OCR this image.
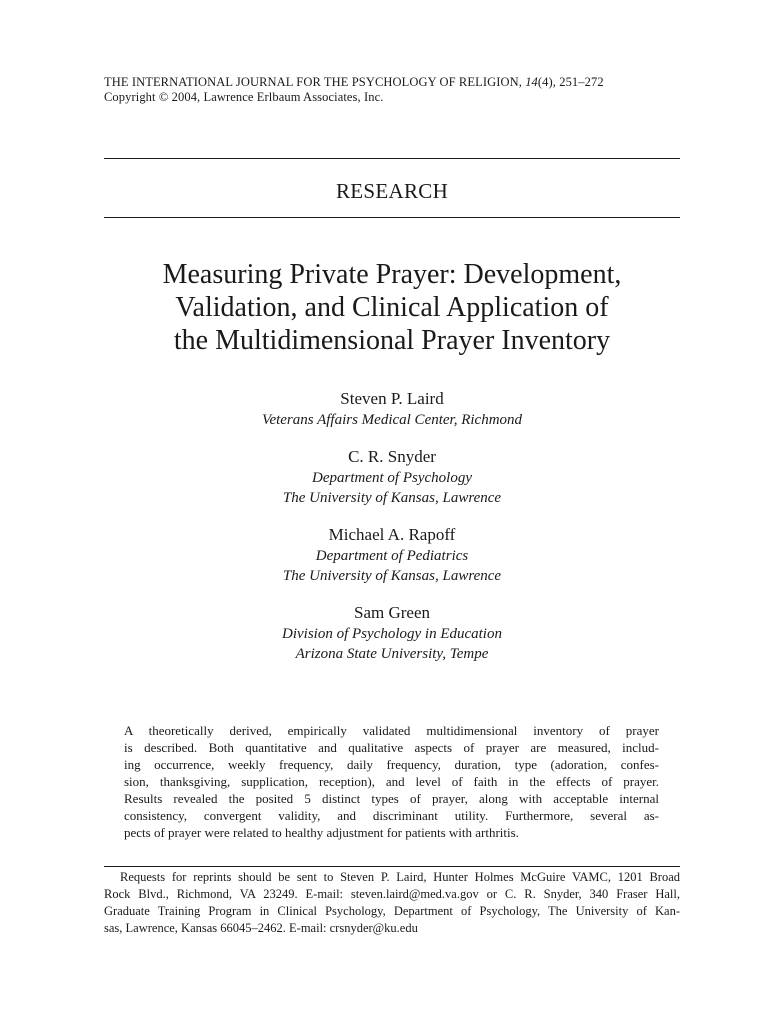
THE INTERNATIONAL JOURNAL FOR THE PSYCHOLOGY OF RELIGION, 14(4), 251–272
Copyright © 2004, Lawrence Erlbaum Associates, Inc.
RESEARCH
Measuring Private Prayer: Development,
Validation, and Clinical Application of
the Multidimensional Prayer Inventory
Steven P. Laird
Veterans Affairs Medical Center, Richmond
C. R. Snyder
Department of Psychology
The University of Kansas, Lawrence
Michael A. Rapoff
Department of Pediatrics
The University of Kansas, Lawrence
Sam Green
Division of Psychology in Education
Arizona State University, Tempe
A theoretically derived, empirically validated multidimensional inventory of prayer
is described. Both quantitative and qualitative aspects of prayer are measured, includ-
ing occurrence, weekly frequency, daily frequency, duration, type (adoration, confes-
sion, thanksgiving, supplication, reception), and level of faith in the effects of prayer.
Results revealed the posited 5 distinct types of prayer, along with acceptable internal
consistency, convergent validity, and discriminant utility. Furthermore, several as-
pects of prayer were related to healthy adjustment for patients with arthritis.
Requests for reprints should be sent to Steven P. Laird, Hunter Holmes McGuire VAMC, 1201 Broad
Rock Blvd., Richmond, VA 23249. E-mail: steven.laird@med.va.gov or C. R. Snyder, 340 Fraser Hall,
Graduate Training Program in Clinical Psychology, Department of Psychology, The University of Kan-
sas, Lawrence, Kansas 66045–2462. E-mail: crsnyder@ku.edu
